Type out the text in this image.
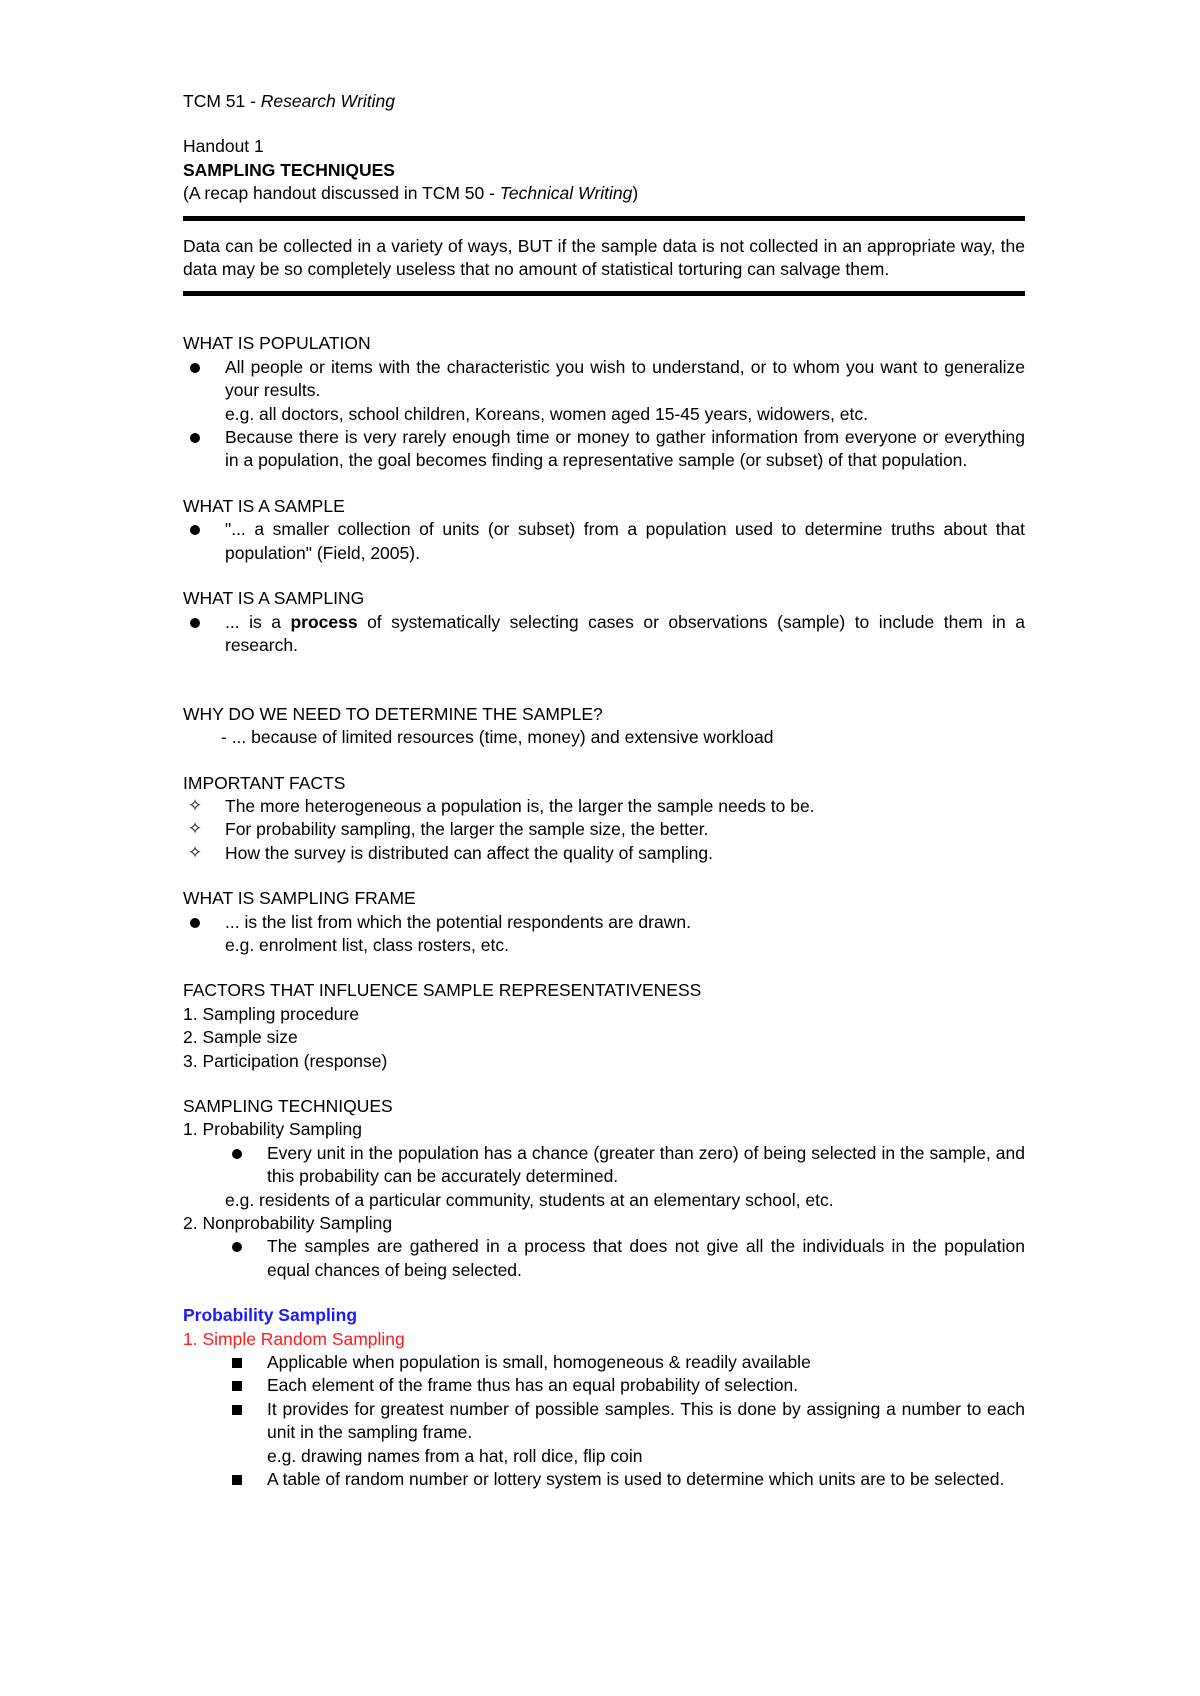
TCM 51 - Research Writing

Handout 1

SAMPLING TECHNIQUES

(A recap handout discussed in TCM 50 - Technical Writing)

Data can be collected in a variety of ways, BUT if the sample data is not collected in an appropriate way, the data may be so completely useless that no amount of statistical torturing can salvage them.

WHAT IS POPULATION

All people or items with the characteristic you wish to understand, or to whom you want to generalize your results.

e.g. all doctors, school children, Koreans, women aged 15-45 years, widowers, etc.

Because there is very rarely enough time or money to gather information from everyone or everything in a population, the goal becomes finding a representative sample (or subset) of that population.

WHAT IS A SAMPLE

"... a smaller collection of units (or subset) from a population used to determine truths about that population" (Field, 2005).

WHAT IS A SAMPLING

... is a process of systematically selecting cases or observations (sample) to include them in a research.

WHY DO WE NEED TO DETERMINE THE SAMPLE?

- ... because of limited resources (time, money) and extensive workload

IMPORTANT FACTS

✧ The more heterogeneous a population is, the larger the sample needs to be.

✧ For probability sampling, the larger the sample size, the better.

✧ How the survey is distributed can affect the quality of sampling.

WHAT IS SAMPLING FRAME

... is the list from which the potential respondents are drawn.

e.g. enrolment list, class rosters, etc.

FACTORS THAT INFLUENCE SAMPLE REPRESENTATIVENESS

1. Sampling procedure

2. Sample size

3. Participation (response)

SAMPLING TECHNIQUES

1. Probability Sampling

Every unit in the population has a chance (greater than zero) of being selected in the sample, and this probability can be accurately determined.

e.g. residents of a particular community, students at an elementary school, etc.

2. Nonprobability Sampling

The samples are gathered in a process that does not give all the individuals in the population equal chances of being selected.

Probability Sampling

1. Simple Random Sampling

Applicable when population is small, homogeneous & readily available

Each element of the frame thus has an equal probability of selection.

It provides for greatest number of possible samples. This is done by assigning a number to each unit in the sampling frame.

e.g. drawing names from a hat, roll dice, flip coin

A table of random number or lottery system is used to determine which units are to be selected.
